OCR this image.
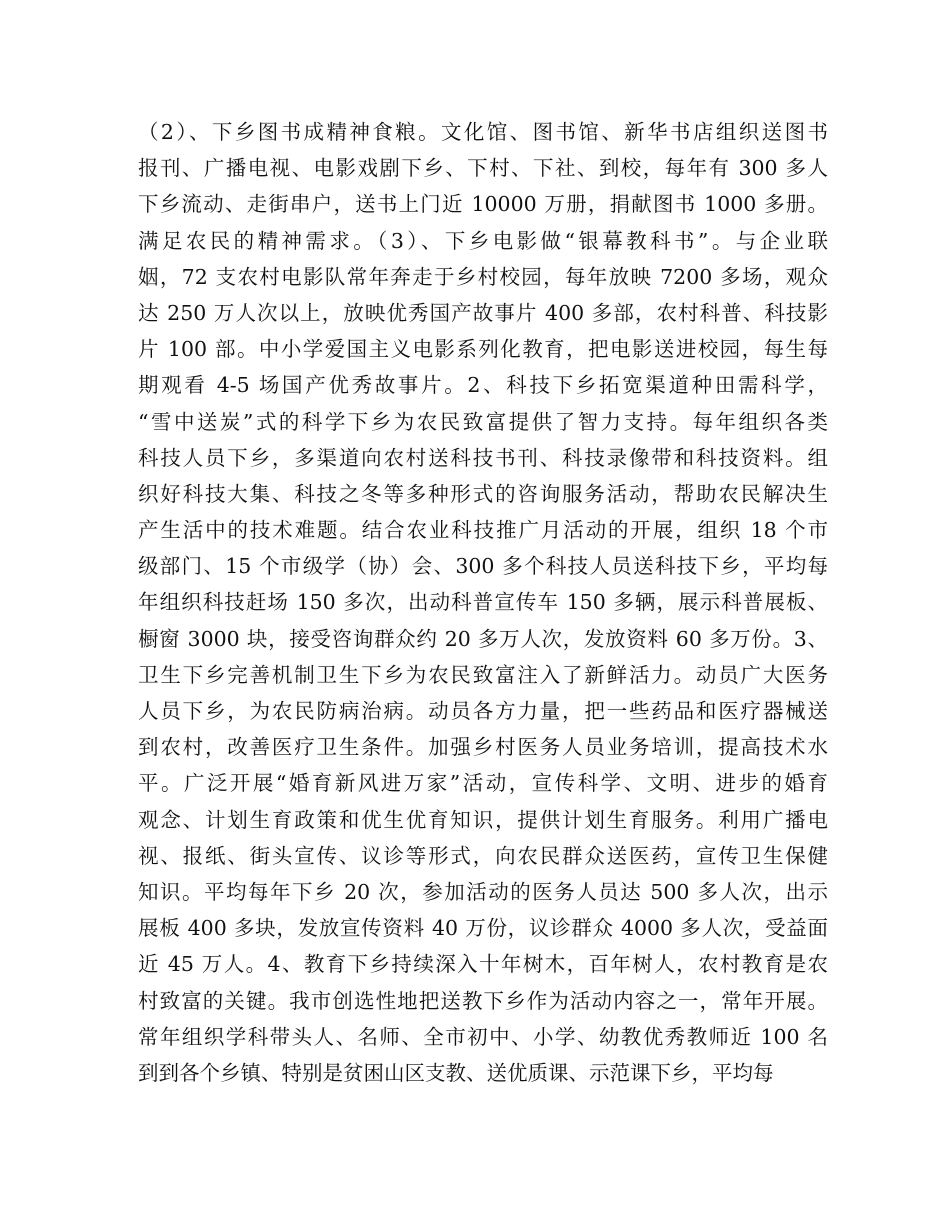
（2）、下乡图书成精神食粮。文化馆、图书馆、新华书店组织送图书
报刊、广播电视、电影戏剧下乡、下村、下社、到校，每年有 300 多人
下乡流动、走街串户，送书上门近 10000 万册，捐献图书 1000 多册。
满足农民的精神需求。（3）、下乡电影做“银幕教科书”。与企业联
姻，72 支农村电影队常年奔走于乡村校园，每年放映 7200 多场，观众
达 250 万人次以上，放映优秀国产故事片 400 多部，农村科普、科技影
片 100 部。中小学爱国主义电影系列化教育，把电影送进校园，每生每
期观看 4-5 场国产优秀故事片。2、科技下乡拓宽渠道种田需科学，
“雪中送炭”式的科学下乡为农民致富提供了智力支持。每年组织各类
科技人员下乡，多渠道向农村送科技书刊、科技录像带和科技资料。组
织好科技大集、科技之冬等多种形式的咨询服务活动，帮助农民解决生
产生活中的技术难题。结合农业科技推广月活动的开展，组织 18 个市
级部门、15 个市级学（协）会、300 多个科技人员送科技下乡，平均每
年组织科技赶场 150 多次，出动科普宣传车 150 多辆，展示科普展板、
橱窗 3000 块，接受咨询群众约 20 多万人次，发放资料 60 多万份。3、
卫生下乡完善机制卫生下乡为农民致富注入了新鲜活力。动员广大医务
人员下乡，为农民防病治病。动员各方力量，把一些药品和医疗器械送
到农村，改善医疗卫生条件。加强乡村医务人员业务培训，提高技术水
平。广泛开展“婚育新风进万家”活动，宣传科学、文明、进步的婚育
观念、计划生育政策和优生优育知识，提供计划生育服务。利用广播电
视、报纸、街头宣传、议诊等形式，向农民群众送医药，宣传卫生保健
知识。平均每年下乡 20 次，参加活动的医务人员达 500 多人次，出示
展板 400 多块，发放宣传资料 40 万份，议诊群众 4000 多人次，受益面
近 45 万人。4、教育下乡持续深入十年树木，百年树人，农村教育是农
村致富的关键。我市创选性地把送教下乡作为活动内容之一，常年开展。
常年组织学科带头人、名师、全市初中、小学、幼教优秀教师近 100 名
到到各个乡镇、特别是贫困山区支教、送优质课、示范课下乡，平均每
